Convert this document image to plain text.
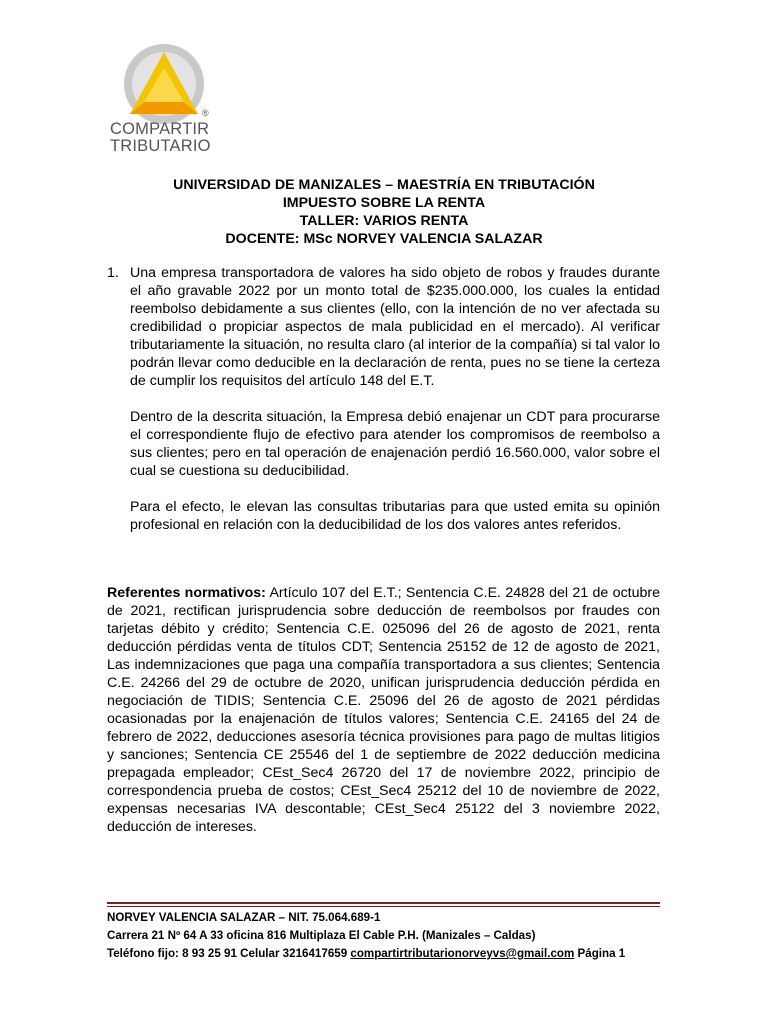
®
COMPARTIR
TRIBUTARIO
UNIVERSIDAD DE MANIZALES – MAESTRÍA EN TRIBUTACIÓN
IMPUESTO SOBRE LA RENTA
TALLER: VARIOS RENTA
DOCENTE: MSc NORVEY VALENCIA SALAZAR
1. Una empresa transportadora de valores ha sido objeto de robos y fraudes durante el año gravable 2022 por un monto total de $235.000.000, los cuales la entidad reembolso debidamente a sus clientes (ello, con la intención de no ver afectada su credibilidad o propiciar aspectos de mala publicidad en el mercado). Al verificar tributariamente la situación, no resulta claro (al interior de la compañía) si tal valor lo podrán llevar como deducible en la declaración de renta, pues no se tiene la certeza de cumplir los requisitos del artículo 148 del E.T.

Dentro de la descrita situación, la Empresa debió enajenar un CDT para procurarse el correspondiente flujo de efectivo para atender los compromisos de reembolso a sus clientes; pero en tal operación de enajenación perdió 16.560.000, valor sobre el cual se cuestiona su deducibilidad.

Para el efecto, le elevan las consultas tributarias para que usted emita su opinión profesional en relación con la deducibilidad de los dos valores antes referidos.

Referentes normativos: Artículo 107 del E.T.; Sentencia C.E. 24828 del 21 de octubre de 2021, rectifican jurisprudencia sobre deducción de reembolsos por fraudes con tarjetas débito y crédito; Sentencia C.E. 025096 del 26 de agosto de 2021, renta deducción pérdidas venta de títulos CDT; Sentencia 25152 de 12 de agosto de 2021, Las indemnizaciones que paga una compañía transportadora a sus clientes; Sentencia C.E. 24266 del 29 de octubre de 2020, unifican jurisprudencia deducción pérdida en negociación de TIDIS; Sentencia C.E. 25096 del 26 de agosto de 2021 pérdidas ocasionadas por la enajenación de títulos valores; Sentencia C.E. 24165 del 24 de febrero de 2022, deducciones asesoría técnica provisiones para pago de multas litigios y sanciones; Sentencia CE 25546 del 1 de septiembre de 2022 deducción medicina prepagada empleador; CEst_Sec4 26720 del 17 de noviembre 2022, principio de correspondencia prueba de costos; CEst_Sec4 25212 del 10 de noviembre de 2022, expensas necesarias IVA descontable; CEst_Sec4 25122 del 3 noviembre 2022, deducción de intereses.

NORVEY VALENCIA SALAZAR – NIT. 75.064.689-1
Carrera 21 Nº 64 A 33 oficina 816 Multiplaza El Cable P.H. (Manizales – Caldas)
Teléfono fijo: 8 93 25 91 Celular 3216417659 compartirtributarionorveyvs@gmail.com Página 1
